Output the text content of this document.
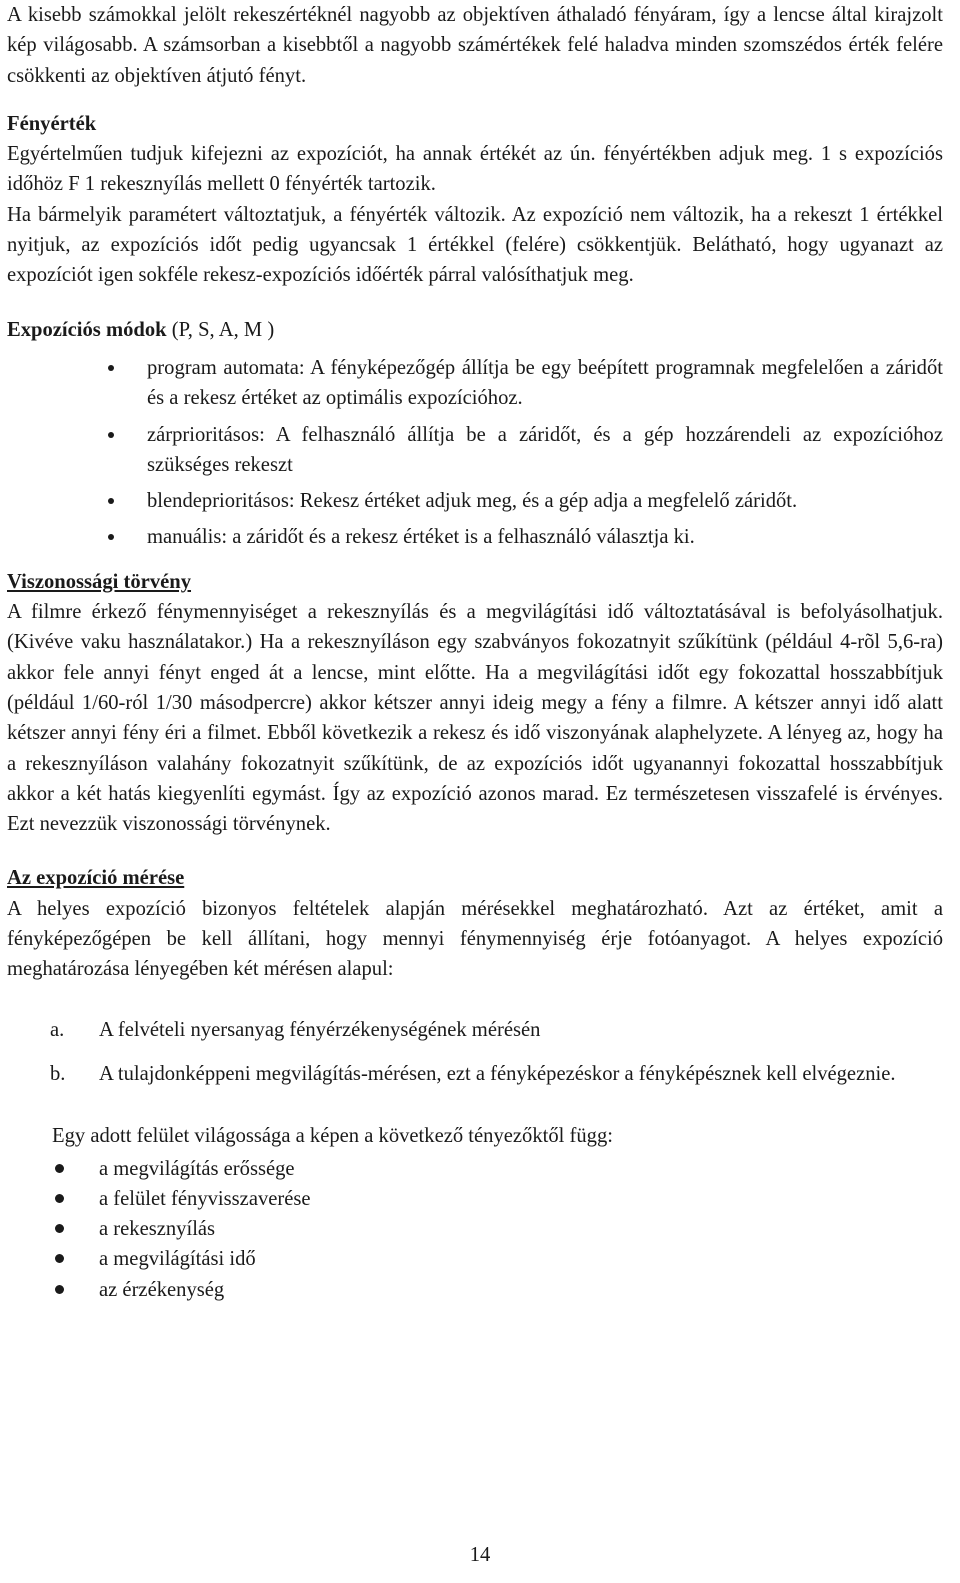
A kisebb számokkal jelölt rekeszértéknél nagyobb az objektíven áthaladó fényáram, így a lencse által kirajzolt kép világosabb. A számsorban a kisebbtől a nagyobb számértékek felé haladva minden szomszédos érték felére csökkenti az objektíven átjutó fényt.

Fényérték

Egyértelműen tudjuk kifejezni az expozíciót, ha annak értékét az ún. fényértékben adjuk meg. 1 s expozíciós időhöz F 1 rekesznyílás mellett 0 fényérték tartozik.

Ha bármelyik paramétert változtatjuk, a fényérték változik. Az expozíció nem változik, ha a rekeszt 1 értékkel nyitjuk, az expozíciós időt pedig ugyancsak 1 értékkel (felére) csökkentjük. Belátható, hogy ugyanazt az expozíciót igen sokféle rekesz-expozíciós időérték párral valósíthatjuk meg.

Expozíciós módok (P, S, A, M )

program automata: A fényképezőgép állítja be egy beépített programnak megfelelően a záridőt és a rekesz értéket az optimális expozícióhoz.
zárprioritásos: A felhasználó állítja be a záridőt, és a gép hozzárendeli az expozícióhoz szükséges rekeszt
blendeprioritásos: Rekesz értéket adjuk meg, és a gép adja a megfelelő záridőt.
manuális: a záridőt és a rekesz értéket is a felhasználó választja ki.

Viszonossági törvény

A filmre érkező fénymennyiséget a rekesznyílás és a megvilágítási idő változtatásával is befolyásolhatjuk. (Kivéve vaku használatakor.) Ha a rekesznyíláson egy szabványos fokozatnyit szűkítünk (például 4-rõl 5,6-ra) akkor fele annyi fényt enged át a lencse, mint előtte. Ha a megvilágítási időt egy fokozattal hosszabbítjuk (például 1/60-ról 1/30 másodpercre) akkor kétszer annyi ideig megy a fény a filmre. A kétszer annyi idő alatt kétszer annyi fény éri a filmet. Ebből következik a rekesz és idő viszonyának alaphelyzete. A lényeg az, hogy ha a rekesznyíláson valahány fokozatnyit szűkítünk, de az expozíciós időt ugyanannyi fokozattal hosszabbítjuk akkor a két hatás kiegyenlíti egymást. Így az expozíció azonos marad. Ez természetesen visszafelé is érvényes. Ezt nevezzük viszonossági törvénynek.

Az expozíció mérése

A helyes expozíció bizonyos feltételek alapján mérésekkel meghatározható. Azt az értéket, amit a fényképezőgépen be kell állítani, hogy mennyi fénymennyiség érje fotóanyagot. A helyes expozíció meghatározása lényegében két mérésen alapul:

a. A felvételi nyersanyag fényérzékenységének mérésén
b. A tulajdonképpeni megvilágítás-mérésen, ezt a fényképezéskor a fényképésznek kell elvégeznie.

Egy adott felület világossága a képen a következő tényezőktől függ:

a megvilágítás erőssége
a felület fényvisszaverése
a rekesznyílás
a megvilágítási idő
az érzékenység
14
